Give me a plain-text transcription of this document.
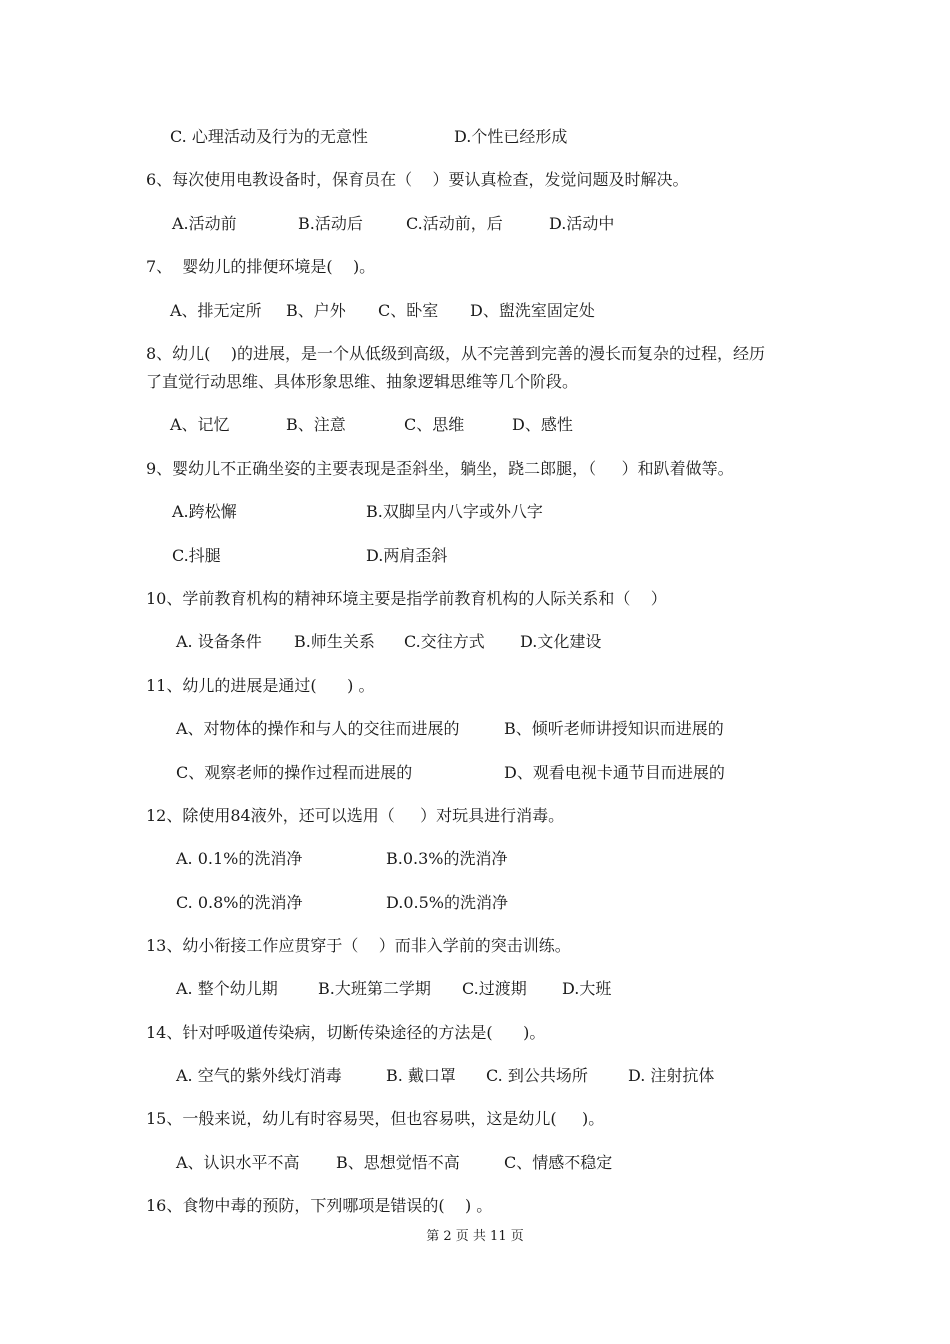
C. 心理活动及行为的无意性	D.个性已经形成
6、每次使用电教设备时，保育员在（    ）要认真检查，发觉问题及时解决。
A.活动前	B.活动后	C.活动前，后	D.活动中
7、  婴幼儿的排便环境是(    )。
A、排无定所 B、户外 C、卧室 D、盥洗室固定处
8、幼儿(    )的进展，是一个从低级到高级，从不完善到完善的漫长而复杂的过程，经历
了直觉行动思维、具体形象思维、抽象逻辑思维等几个阶段。
A、记忆	B、注意	C、思维	D、感性
9、婴幼儿不正确坐姿的主要表现是歪斜坐，躺坐，跷二郎腿，（     ）和趴着做等。
A.跨松懈	B.双脚呈内八字或外八字
C.抖腿	D.两肩歪斜
10、学前教育机构的精神环境主要是指学前教育机构的人际关系和（    ）
A. 设备条件 B.师生关系 C.交往方式 D.文化建设
11、幼儿的进展是通过(      ) 。
A、对物体的操作和与人的交往而进展的	B、倾听老师讲授知识而进展的
C、观察老师的操作过程而进展的	D、观看电视卡通节目而进展的
12、除使用84液外，还可以选用（     ）对玩具进行消毒。
A. 0.1%的洗消净	B.0.3%的洗消净
C. 0.8%的洗消净	D.0.5%的洗消净
13、幼小衔接工作应贯穿于（    ）而非入学前的突击训练。
A. 整个幼儿期	B.大班第二学期 C.过渡期 D.大班
14、针对呼吸道传染病，切断传染途径的方法是(      )。
A. 空气的紫外线灯消毒	B. 戴口罩 C. 到公共场所	D. 注射抗体
15、一般来说，幼儿有时容易哭，但也容易哄，这是幼儿(     )。
A、认识水平不高 B、思想觉悟不高	C、情感不稳定
16、食物中毒的预防，下列哪项是错误的(    ) 。
第 2 页 共 11 页
